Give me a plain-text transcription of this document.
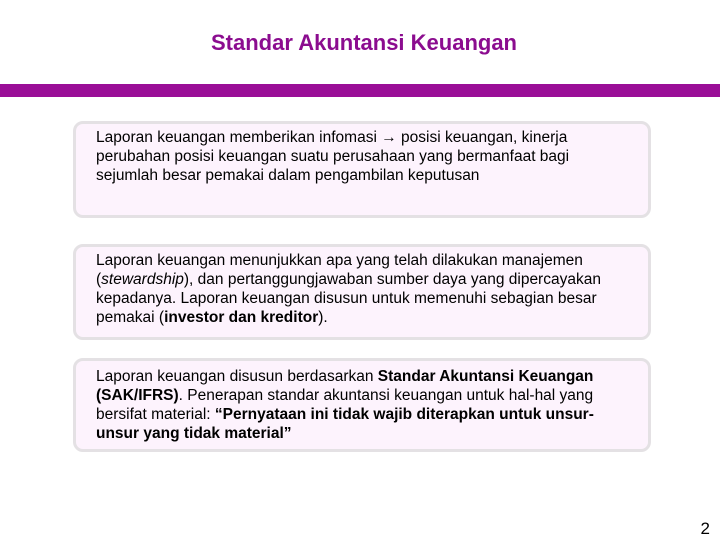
Standar Akuntansi Keuangan

Laporan keuangan memberikan infomasi → posisi keuangan, kinerja perubahan posisi keuangan suatu perusahaan yang bermanfaat bagi sejumlah besar pemakai dalam pengambilan keputusan

Laporan keuangan menunjukkan apa yang telah dilakukan manajemen (stewardship), dan pertanggungjawaban sumber daya yang dipercayakan kepadanya. Laporan keuangan disusun untuk memenuhi sebagian besar pemakai (investor dan kreditor).

Laporan keuangan disusun berdasarkan Standar Akuntansi Keuangan (SAK/IFRS). Penerapan standar akuntansi keuangan untuk hal-hal yang bersifat material: “Pernyataan ini tidak wajib diterapkan untuk unsur-unsur yang tidak material”

2
